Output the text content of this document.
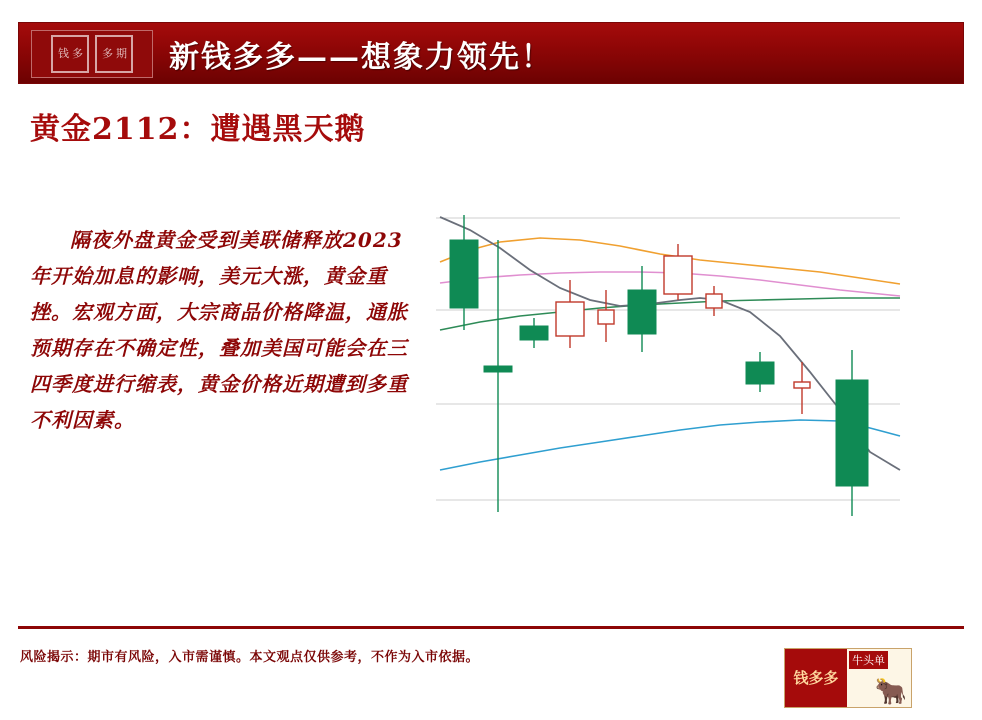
钱 多 多 期 新钱多多——想象力领先！
黄金2112：遭遇黑天鹅
隔夜外盘黄金受到美联储释放2023年开始加息的影响，美元大涨，黄金重挫。宏观方面，大宗商品价格降温，通胀预期存在不确定性，叠加美国可能会在三四季度进行缩表，黄金价格近期遭到多重不利因素。
风险揭示：期市有风险，入市需谨慎。本文观点仅供参考，不作为入市依据。
钱多多
牛头单
🐂
